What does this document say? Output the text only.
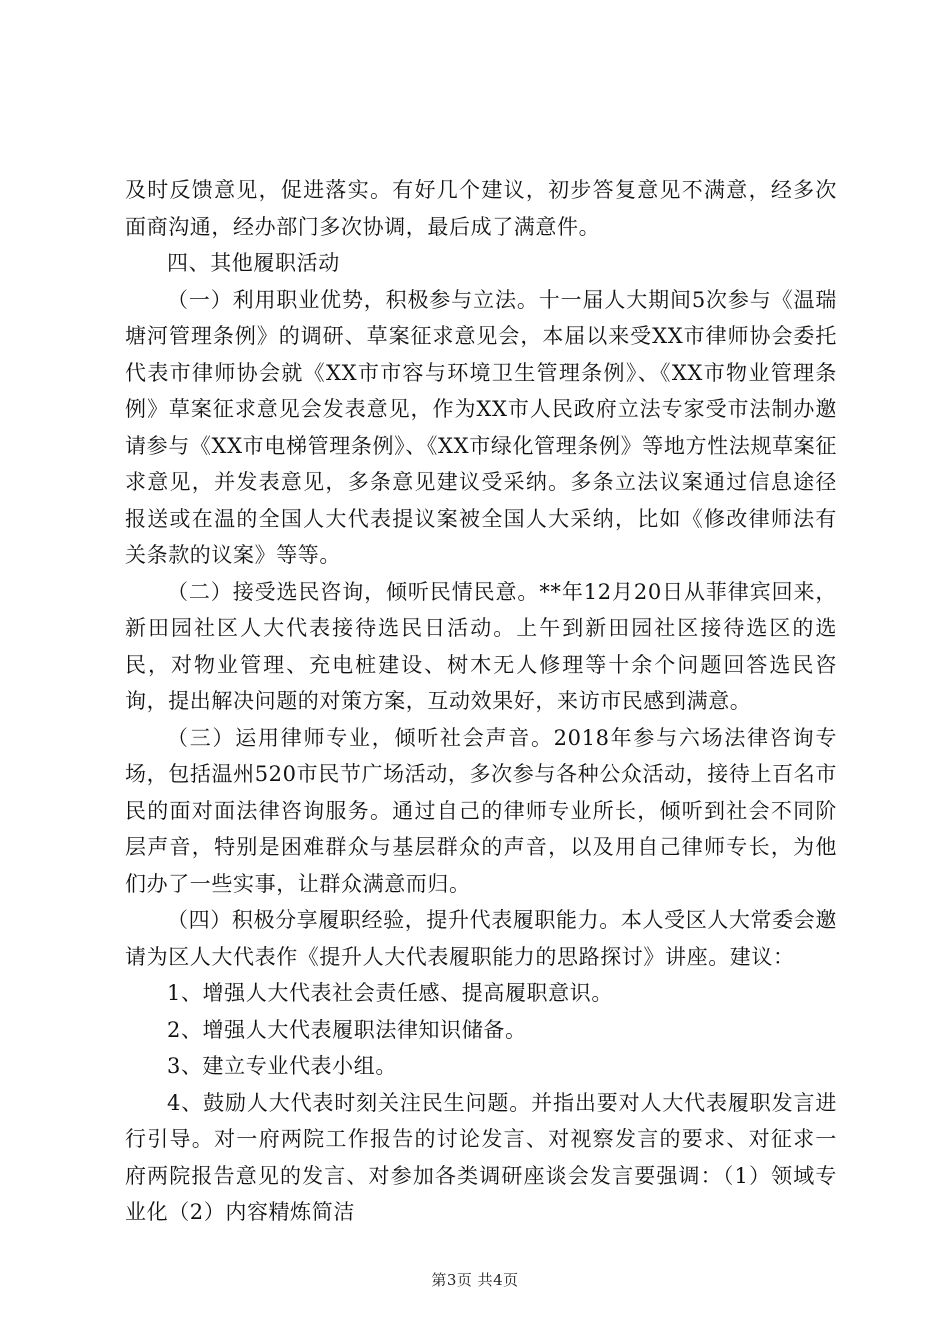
及时反馈意见，促进落实。有好几个建议，初步答复意见不满意，经多次面商沟通，经办部门多次协调，最后成了满意件。

四、其他履职活动

（一）利用职业优势，积极参与立法。十一届人大期间5次参与《温瑞塘河管理条例》的调研、草案征求意见会，本届以来受XX市律师协会委托代表市律师协会就《XX市市容与环境卫生管理条例》、《XX市物业管理条例》草案征求意见会发表意见，作为XX市人民政府立法专家受市法制办邀请参与《XX市电梯管理条例》、《XX市绿化管理条例》等地方性法规草案征求意见，并发表意见，多条意见建议受采纳。多条立法议案通过信息途径报送或在温的全国人大代表提议案被全国人大采纳，比如《修改律师法有关条款的议案》等等。

（二）接受选民咨询，倾听民情民意。**年12月20日从菲律宾回来，新田园社区人大代表接待选民日活动。上午到新田园社区接待选区的选民，对物业管理、充电桩建设、树木无人修理等十余个问题回答选民咨询，提出解决问题的对策方案，互动效果好，来访市民感到满意。

（三）运用律师专业，倾听社会声音。2018年参与六场法律咨询专场，包括温州520市民节广场活动，多次参与各种公众活动，接待上百名市民的面对面法律咨询服务。通过自己的律师专业所长，倾听到社会不同阶层声音，特别是困难群众与基层群众的声音，以及用自己律师专长，为他们办了一些实事，让群众满意而归。

（四）积极分享履职经验，提升代表履职能力。本人受区人大常委会邀请为区人大代表作《提升人大代表履职能力的思路探讨》讲座。建议：

1、增强人大代表社会责任感、提高履职意识。

2、增强人大代表履职法律知识储备。

3、建立专业代表小组。

4、鼓励人大代表时刻关注民生问题。并指出要对人大代表履职发言进行引导。对一府两院工作报告的讨论发言、对视察发言的要求、对征求一府两院报告意见的发言、对参加各类调研座谈会发言要强调：（1）领域专业化（2）内容精炼简洁

第3页 共4页
